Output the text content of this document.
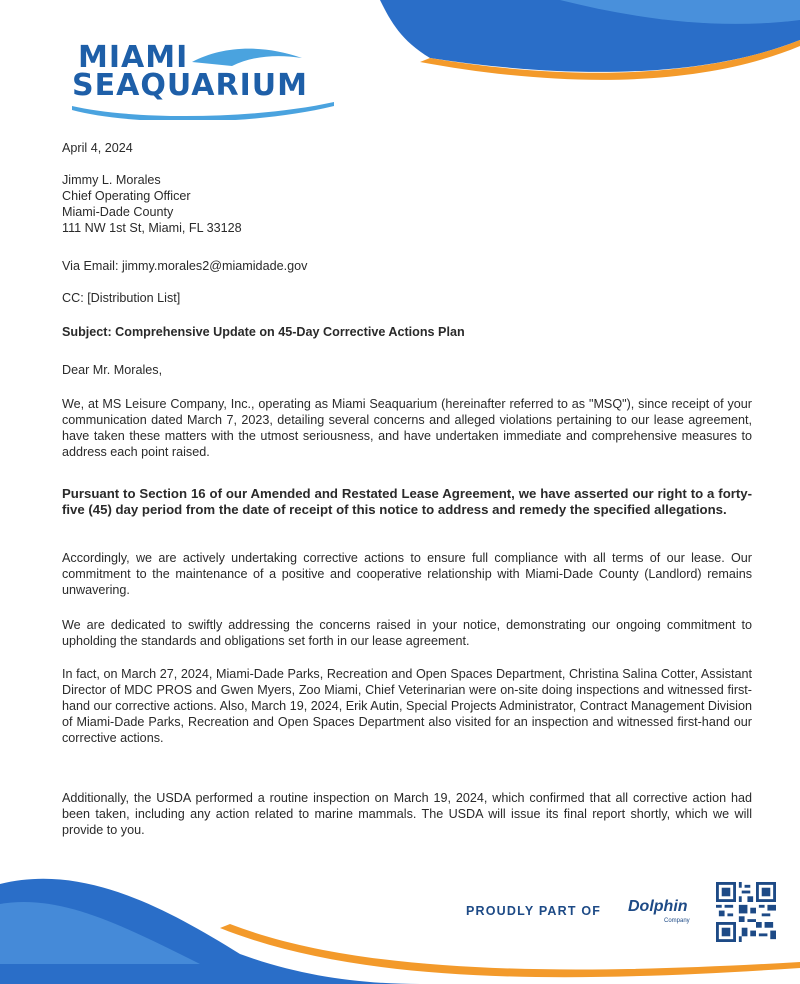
MIAMI
SEAQUARIUM
April 4, 2024
Jimmy L. Morales
Chief Operating Officer
Miami-Dade County
111 NW 1st St, Miami, FL 33128
Via Email: jimmy.morales2@miamidade.gov
CC: [Distribution List]
Subject: Comprehensive Update on 45-Day Corrective Actions Plan
Dear Mr. Morales,
We, at MS Leisure Company, Inc., operating as Miami Seaquarium (hereinafter referred to as "MSQ"), since receipt of your communication dated March 7, 2023, detailing several concerns and alleged violations pertaining to our lease agreement, have taken these matters with the utmost seriousness, and have undertaken immediate and comprehensive measures to address each point raised.
Pursuant to Section 16 of our Amended and Restated Lease Agreement, we have asserted our right to a forty-five (45) day period from the date of receipt of this notice to address and remedy the specified allegations.
Accordingly, we are actively undertaking corrective actions to ensure full compliance with all terms of our lease. Our commitment to the maintenance of a positive and cooperative relationship with Miami-Dade County (Landlord) remains unwavering.
We are dedicated to swiftly addressing the concerns raised in your notice, demonstrating our ongoing commitment to upholding the standards and obligations set forth in our lease agreement.
In fact, on March 27, 2024, Miami-Dade Parks, Recreation and Open Spaces Department, Christina Salina Cotter, Assistant Director of MDC PROS and Gwen Myers, Zoo Miami, Chief Veterinarian were on-site doing inspections and witnessed first-hand our corrective actions. Also, March 19, 2024, Erik Autin, Special Projects Administrator, Contract Management Division of Miami-Dade Parks, Recreation and Open Spaces Department also visited for an inspection and witnessed first-hand our corrective actions.
Additionally, the USDA performed a routine inspection on March 19, 2024, which confirmed that all corrective action had been taken, including any action related to marine mammals. The USDA will issue its final report shortly, which we will provide to you.
PROUDLY PART OF Dolphin
Company
